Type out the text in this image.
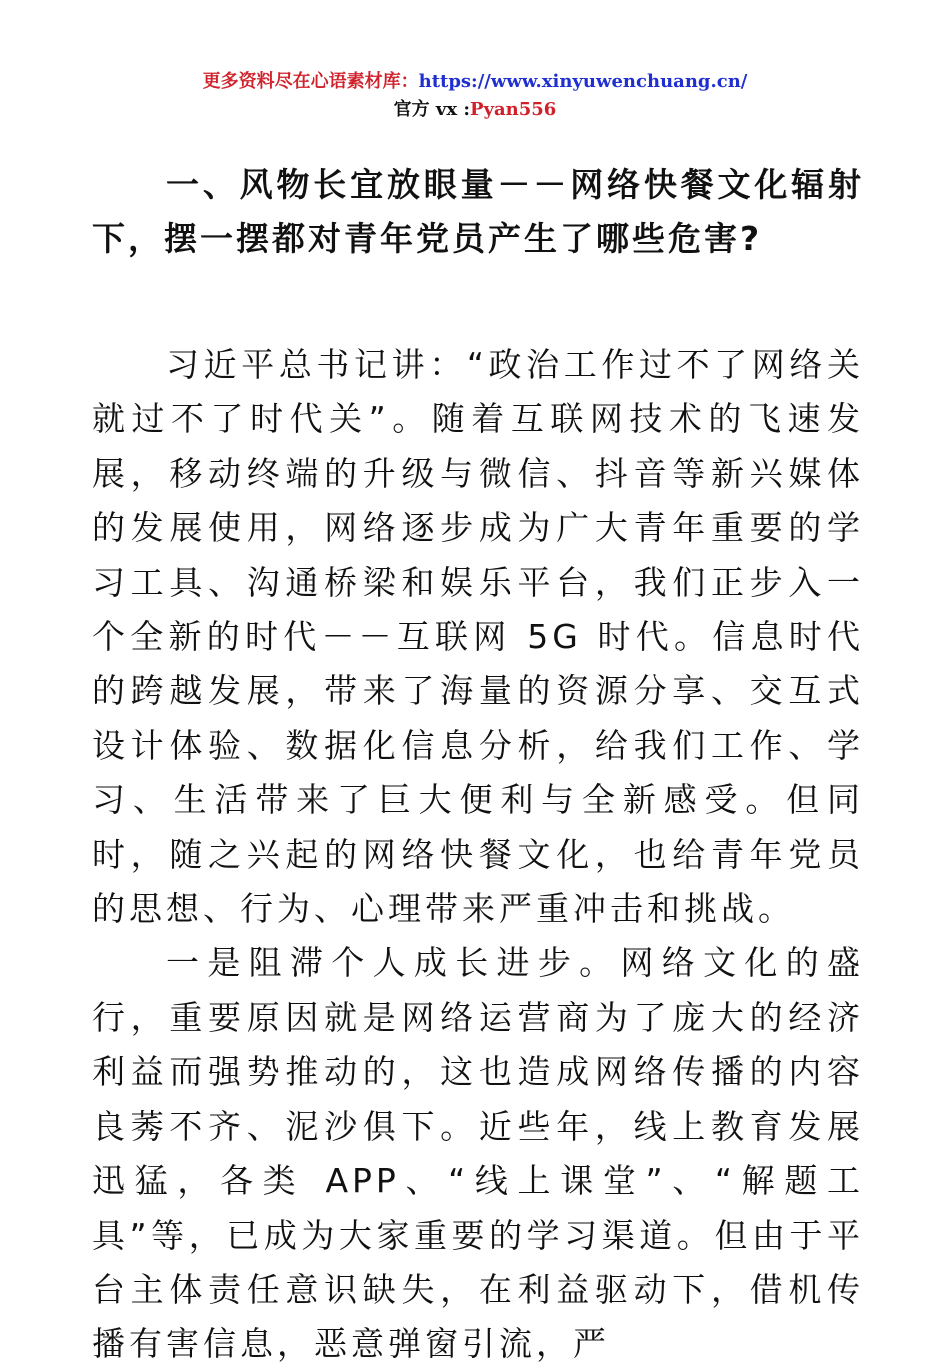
更多资料尽在心语素材库：https://www.xinyuwenchuang.cn/
官方 vx :Pyan556

一、风物长宜放眼量－－网络快餐文化辐射下，摆一摆都对青年党员产生了哪些危害?

习近平总书记讲：“政治工作过不了网络关就过不了时代关”。随着互联网技术的飞速发展，移动终端的升级与微信、抖音等新兴媒体的发展使用，网络逐步成为广大青年重要的学习工具、沟通桥梁和娱乐平台，我们正步入一个全新的时代－－互联网 5G 时代。信息时代的跨越发展，带来了海量的资源分享、交互式设计体验、数据化信息分析，给我们工作、学习、生活带来了巨大便利与全新感受。但同时，随之兴起的网络快餐文化，也给青年党员的思想、行为、心理带来严重冲击和挑战。

一是阻滞个人成长进步。网络文化的盛行，重要原因就是网络运营商为了庞大的经济利益而强势推动的，这也造成网络传播的内容良莠不齐、泥沙俱下。近些年，线上教育发展迅猛，各类 APP、“线上课堂”、“解题工具”等，已成为大家重要的学习渠道。但由于平台主体责任意识缺失，在利益驱动下，借机传播有害信息，恶意弹窗引流，严
